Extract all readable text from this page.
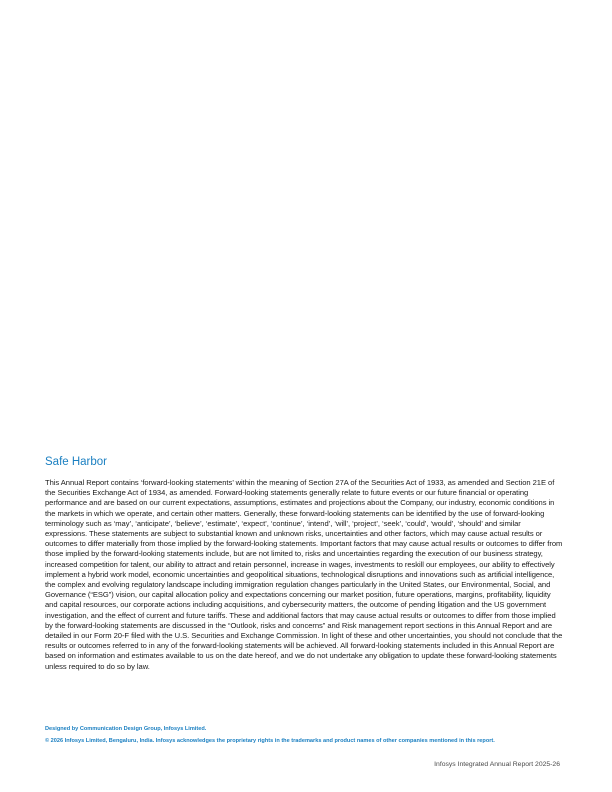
Safe Harbor

This Annual Report contains ‘forward-looking statements’ within the meaning of Section 27A of the Securities Act of 1933, as amended and Section 21E of the Securities Exchange Act of 1934, as amended. Forward-looking statements generally relate to future events or our future financial or operating performance and are based on our current expectations, assumptions, estimates and projections about the Company, our industry, economic conditions in the markets in which we operate, and certain other matters. Generally, these forward-looking statements can be identified by the use of forward-looking terminology such as ‘may’, ‘anticipate’, ‘believe’, ‘estimate’, ‘expect’, ‘continue’, ‘intend’, ‘will’, ‘project’, ‘seek’, ‘could’, ‘would’, ‘should’ and similar expressions. These statements are subject to substantial known and unknown risks, uncertainties and other factors, which may cause actual results or outcomes to differ materially from those implied by the forward-looking statements. Important factors that may cause actual results or outcomes to differ from those implied by the forward-looking statements include, but are not limited to, risks and uncertainties regarding the execution of our business strategy, increased competition for talent, our ability to attract and retain personnel, increase in wages, investments to reskill our employees, our ability to effectively implement a hybrid work model, economic uncertainties and geopolitical situations, technological disruptions and innovations such as artificial intelligence, the complex and evolving regulatory landscape including immigration regulation changes particularly in the United States, our Environmental, Social, and Governance (“ESG”) vision, our capital allocation policy and expectations concerning our market position, future operations, margins, profitability, liquidity and capital resources, our corporate actions including acquisitions, and cybersecurity matters, the outcome of pending litigation and the US government investigation, and the effect of current and future tariffs. These and additional factors that may cause actual results or outcomes to differ from those implied by the forward-looking statements are discussed in the “Outlook, risks and concerns” and Risk management report sections in this Annual Report and are detailed in our Form 20-F filed with the U.S. Securities and Exchange Commission. In light of these and other uncertainties, you should not conclude that the results or outcomes referred to in any of the forward-looking statements will be achieved. All forward-looking statements included in this Annual Report are based on information and estimates available to us on the date hereof, and we do not undertake any obligation to update these forward-looking statements unless required to do so by law.

Designed by Communication Design Group, Infosys Limited.

© 2026 Infosys Limited, Bengaluru, India. Infosys acknowledges the proprietary rights in the trademarks and product names of other companies mentioned in this report.

Infosys Integrated Annual Report 2025-26
